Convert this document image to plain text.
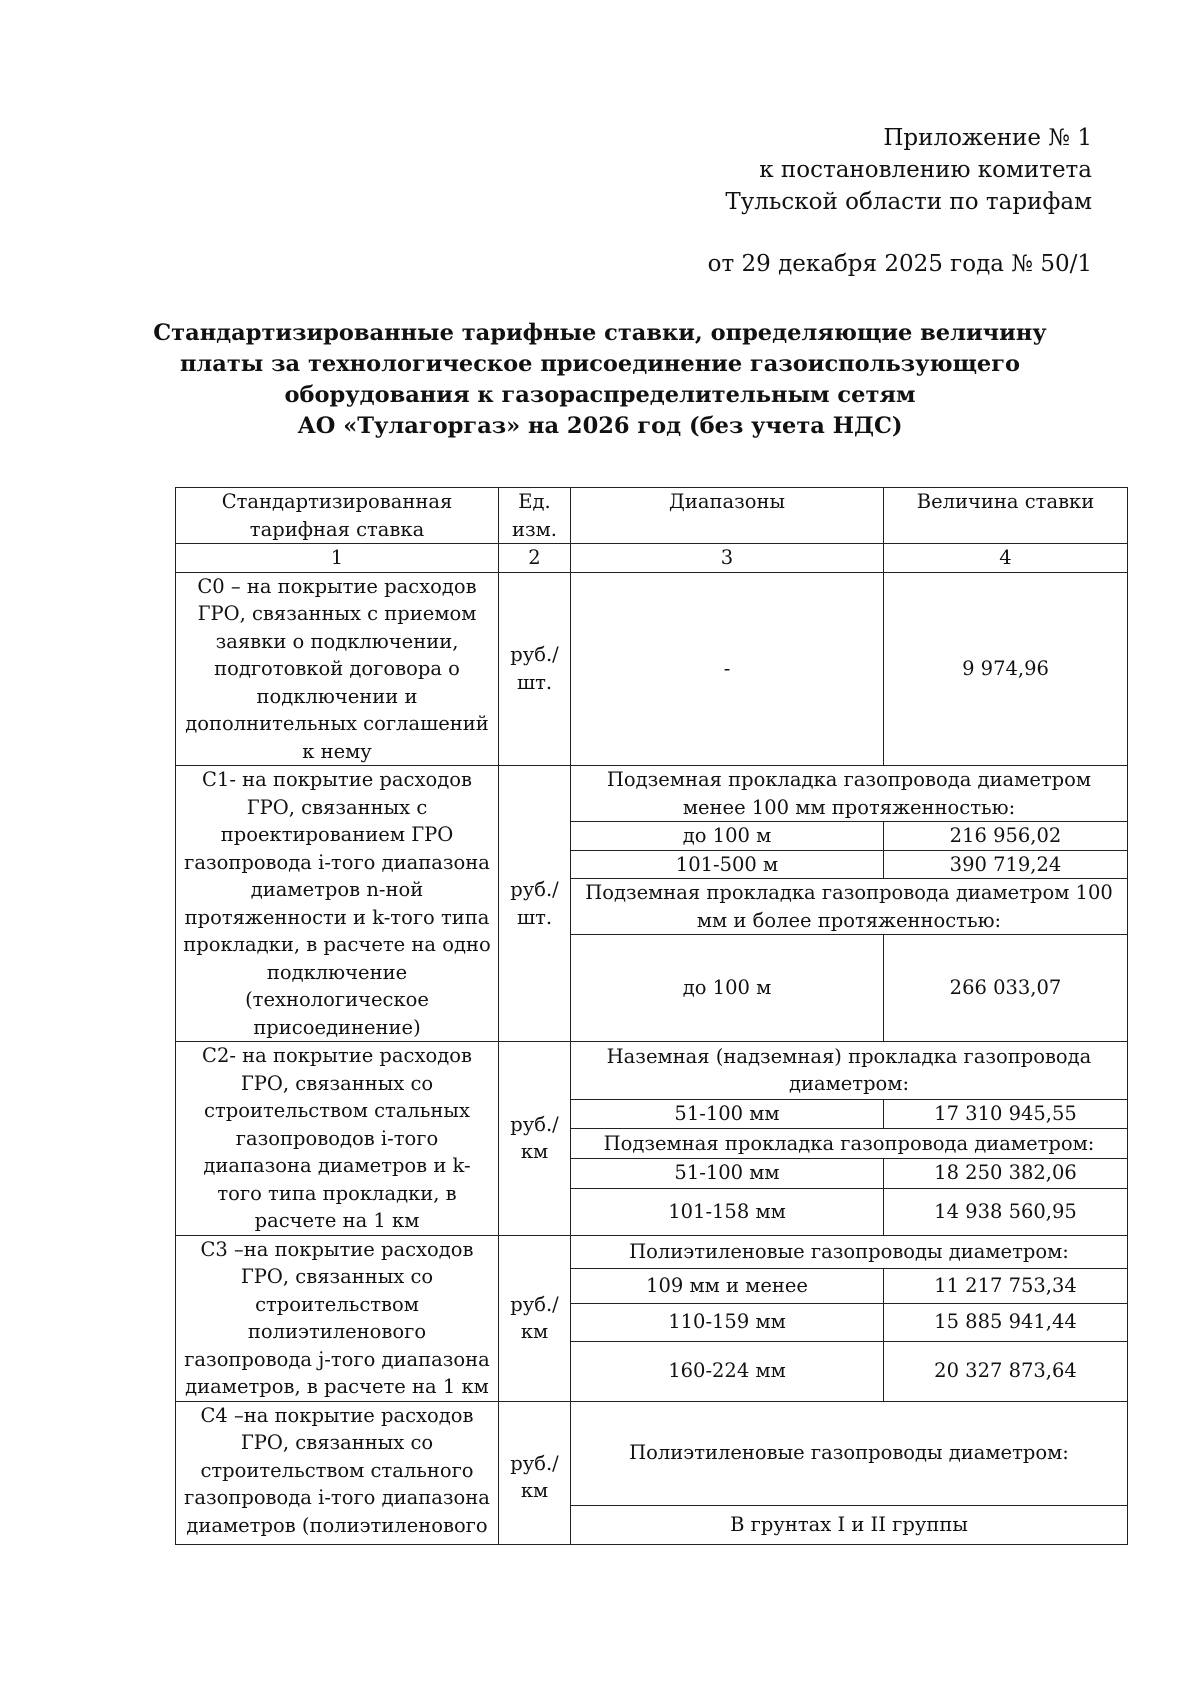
Приложение № 1
к постановлению комитета
Тульской области по тарифам
от 29 декабря 2025 года № 50/1
Стандартизированные тарифные ставки, определяющие величину
платы за технологическое присоединение газоиспользующего
оборудования к газораспределительным сетям
АО «Тулагоргаз» на 2026 год (без учета НДС)
Стандартизированная тарифная ставка	Ед. изм.	Диапазоны	Величина ставки
1	2	3	4
С0 – на покрытие расходов ГРО, связанных с приемом заявки о подключении, подготовкой договора о подключении и дополнительных соглашений к нему	руб./ шт.	-	9 974,96
С1- на покрытие расходов ГРО, связанных с проектированием ГРО газопровода i-того диапазона диаметров n-ной протяженности и k-того типа прокладки, в расчете на одно подключение (технологическое присоединение)	руб./ шт.	Подземная прокладка газопровода диаметром менее 100 мм протяженностью:	
		до 100 м	216 956,02
		101-500 м	390 719,24
		Подземная прокладка газопровода диаметром 100 мм и более протяженностью:	
		до 100 м	266 033,07

С2- на покрытие расходов ГРО, связанных со строительством стальных газопроводов i-того диапазона диаметров и k-того типа прокладки, в расчете на 1 км	руб./ км	Наземная (надземная) прокладка газопровода диаметром:	
		51-100 мм	17 310 945,55
		Подземная прокладка газопровода диаметром:	
		51-100 мм	18 250 382,06
		101-158 мм	14 938 560,95
С3 –на покрытие расходов ГРО, связанных со строительством полиэтиленового газопровода j-того диапазона диаметров, в расчете на 1 км	руб./ км	Полиэтиленовые газопроводы диаметром:	
		109 мм и менее	11 217 753,34
		110-159 мм	15 885 941,44
		160-224 мм	20 327 873,64
С4 –на покрытие расходов ГРО, связанных со строительством стального газопровода i-того диапазона диаметров (полиэтиленового	руб./ км	Полиэтиленовые газопроводы диаметром:	
		В грунтах I и II группы	
